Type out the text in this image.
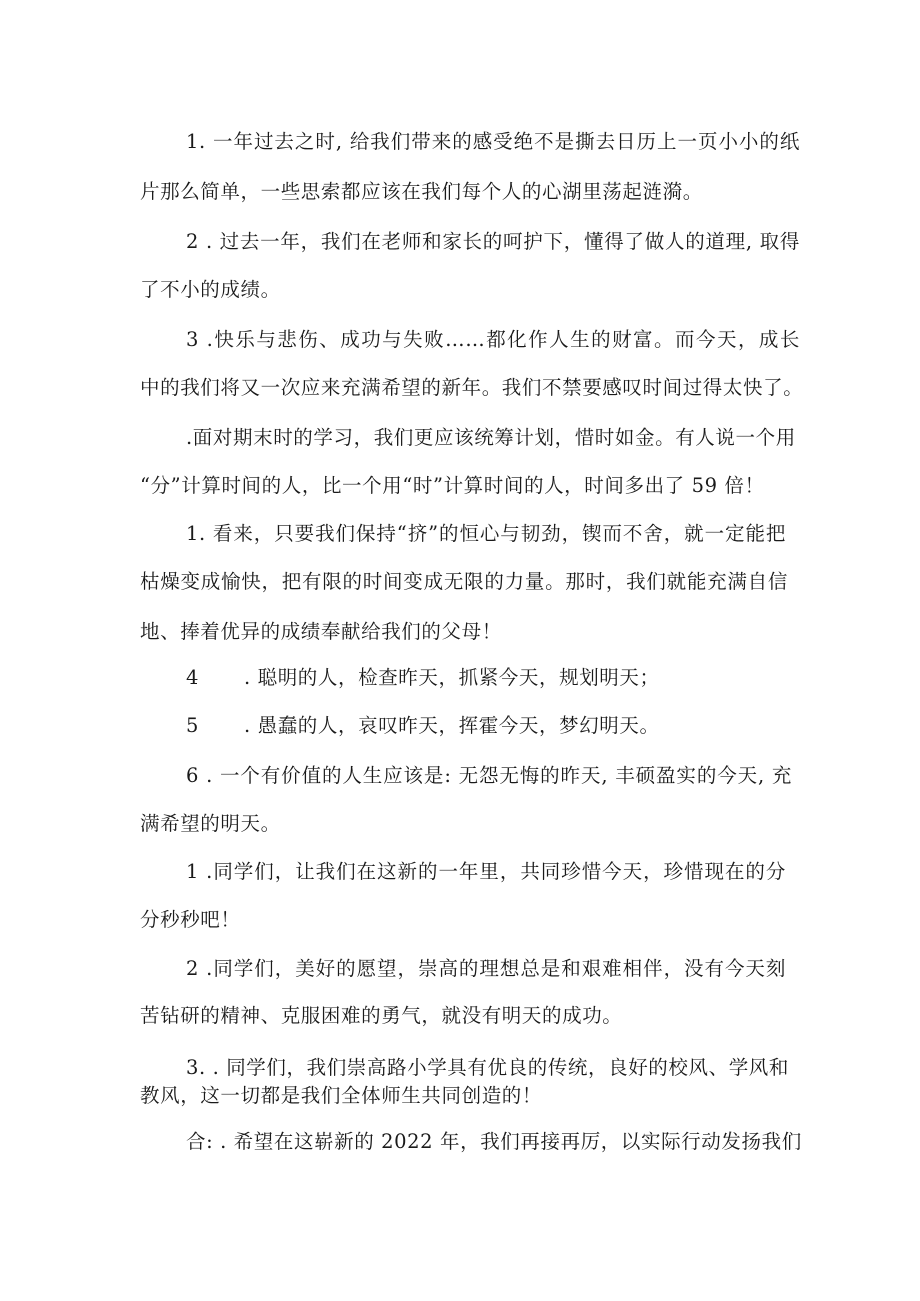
1. 一年过去之时, 给我们带来的感受绝不是撕去日历上一页小小的纸
片那么简单，一些思索都应该在我们每个人的心湖里荡起涟漪。
2 . 过去一年，我们在老师和家长的呵护下，懂得了做人的道理, 取得
了不小的成绩。
3 .快乐与悲伤、成功与失败……都化作人生的财富。而今天，成长
中的我们将又一次应来充满希望的新年。我们不禁要感叹时间过得太快了。
.面对期末时的学习，我们更应该统筹计划，惜时如金。有人说一个用
“分”计算时间的人，比一个用“时”计算时间的人，时间多出了 59 倍！
1. 看来，只要我们保持“挤”的恒心与韧劲，锲而不舍，就一定能把
枯燥变成愉快，把有限的时间变成无限的力量。那时，我们就能充满自信
地、捧着优异的成绩奉献给我们的父母！
4 . 聪明的人，检查昨天，抓紧今天，规划明天；
5 . 愚蠢的人，哀叹昨天，挥霍今天，梦幻明天。
6 . 一个有价值的人生应该是: 无怨无悔的昨天, 丰硕盈实的今天, 充
满希望的明天。
1 .同学们，让我们在这新的一年里，共同珍惜今天，珍惜现在的分
分秒秒吧！
2 .同学们，美好的愿望，崇高的理想总是和艰难相伴，没有今天刻
苦钻研的精神、克服困难的勇气，就没有明天的成功。
3. . 同学们，我们崇高路小学具有优良的传统，良好的校风、学风和
教风，这一切都是我们全体师生共同创造的！
合: . 希望在这崭新的 2022 年，我们再接再厉，以实际行动发扬我们
